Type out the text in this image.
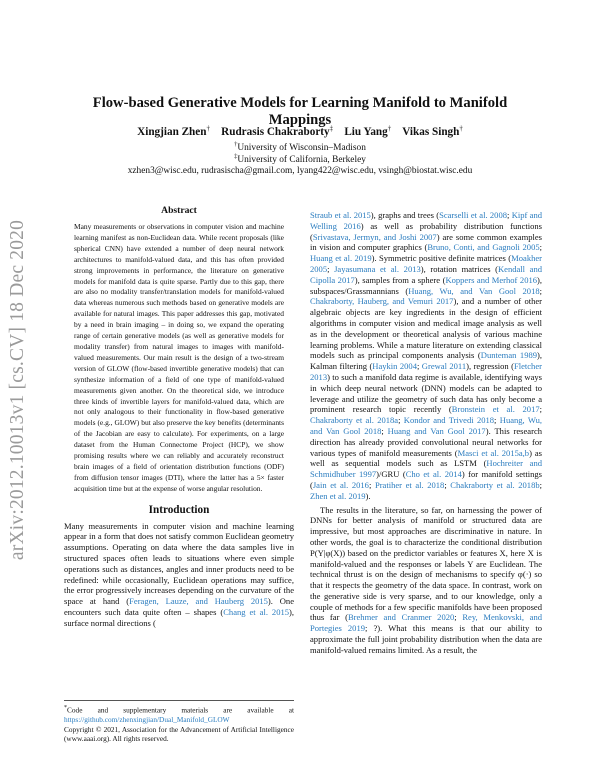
arXiv:2012.10013v1 [cs.CV] 18 Dec 2020
Flow-based Generative Models for Learning Manifold to Manifold Mappings
Xingjian Zhen† Rudrasis Chakraborty‡ Liu Yang† Vikas Singh†
†University of Wisconsin–Madison
‡University of California, Berkeley
xzhen3@wisc.edu, rudrasischa@gmail.com, lyang422@wisc.edu, vsingh@biostat.wisc.edu
Abstract

Many measurements or observations in computer vision and machine learning manifest as non-Euclidean data. While recent proposals (like spherical CNN) have extended a number of deep neural network architectures to manifold-valued data, and this has often provided strong improvements in performance, the literature on generative models for manifold data is quite sparse. Partly due to this gap, there are also no modality transfer/translation models for manifold-valued data whereas numerous such methods based on generative models are available for natural images. This paper addresses this gap, motivated by a need in brain imaging – in doing so, we expand the operating range of certain generative models (as well as generative models for modality transfer) from natural images to images with manifold-valued measurements. Our main result is the design of a two-stream version of GLOW (flow-based invertible generative models) that can synthesize information of a field of one type of manifold-valued measurements given another. On the theoretical side, we introduce three kinds of invertible layers for manifold-valued data, which are not only analogous to their functionality in flow-based generative models (e.g., GLOW) but also preserve the key benefits (determinants of the Jacobian are easy to calculate). For experiments, on a large dataset from the Human Connectome Project (HCP), we show promising results where we can reliably and accurately reconstruct brain images of a field of orientation distribution functions (ODF) from diffusion tensor images (DTI), where the latter has a 5× faster acquisition time but at the expense of worse angular resolution.

Introduction

Many measurements in computer vision and machine learning appear in a form that does not satisfy common Euclidean geometry assumptions. Operating on data where the data samples live in structured spaces often leads to situations where even simple operations such as distances, angles and inner products need to be redefined: while occasionally, Euclidean operations may suffice, the error progressively increases depending on the curvature of the space at hand (Feragen, Lauze, and Hauberg 2015). One encounters such data quite often – shapes (Chang et al. 2015), surface normal directions (

Straub et al. 2015), graphs and trees (Scarselli et al. 2008; Kipf and Welling 2016) as well as probability distribution functions (Srivastava, Jermyn, and Joshi 2007) are some common examples in vision and computer graphics (Bruno, Conti, and Gagnoli 2005; Huang et al. 2019). Symmetric positive definite matrices (Moakher 2005; Jayasumana et al. 2013), rotation matrices (Kendall and Cipolla 2017), samples from a sphere (Koppers and Merhof 2016), subspaces/Grassmannians (Huang, Wu, and Van Gool 2018; Chakraborty, Hauberg, and Vemuri 2017), and a number of other algebraic objects are key ingredients in the design of efficient algorithms in computer vision and medical image analysis as well as in the development or theoretical analysis of various machine learning problems. While a mature literature on extending classical models such as principal components analysis (Dunteman 1989), Kalman filtering (Haykin 2004; Grewal 2011), regression (Fletcher 2013) to such a manifold data regime is available, identifying ways in which deep neural network (DNN) models can be adapted to leverage and utilize the geometry of such data has only become a prominent research topic recently (Bronstein et al. 2017; Chakraborty et al. 2018a; Kondor and Trivedi 2018; Huang, Wu, and Van Gool 2018; Huang and Van Gool 2017). This research direction has already provided convolutional neural networks for various types of manifold measurements (Masci et al. 2015a,b) as well as sequential models such as LSTM (Hochreiter and Schmidhuber 1997)/GRU (Cho et al. 2014) for manifold settings (Jain et al. 2016; Pratiher et al. 2018; Chakraborty et al. 2018b; Zhen et al. 2019).

The results in the literature, so far, on harnessing the power of DNNs for better analysis of manifold or structured data are impressive, but most approaches are discriminative in nature. In other words, the goal is to characterize the conditional distribution P(Y|φ(X)) based on the predictor variables or features X, here X is manifold-valued and the responses or labels Y are Euclidean. The technical thrust is on the design of mechanisms to specify φ(·) so that it respects the geometry of the data space. In contrast, work on the generative side is very sparse, and to our knowledge, only a couple of methods for a few specific manifolds have been proposed thus far (Brehmer and Cranmer 2020; Rey, Menkovski, and Portegies 2019; ?). What this means is that our ability to approximate the full joint probability distribution when the data are manifold-valued remains limited. As a result, the

*Code and supplementary materials are available at https://github.com/zhenxingjian/Dual_Manifold_GLOW

Copyright © 2021, Association for the Advancement of Artificial Intelligence (www.aaai.org). All rights reserved.
